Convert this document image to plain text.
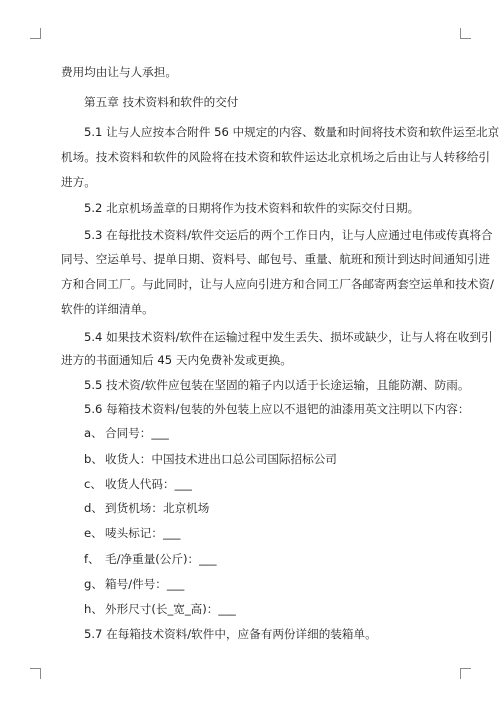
费用均由让与人承担。
第五章 技术资料和软件的交付
5.1 让与人应按本合附件 56 中规定的内容、数量和时间将技术资和软件运至北京
机场。技术资料和软件的风险将在技术资和软件运达北京机场之后由让与人转移给引
进方。
5.2 北京机场盖章的日期将作为技术资料和软件的实际交付日期。
5.3 在每批技术资料/软件交运后的两个工作日内，让与人应通过电伟或传真将合
同号、空运单号、提单日期、资料号、邮包号、重量、航班和预计到达时间通知引进
方和合同工厂。与此同时，让与人应向引进方和合同工厂各邮寄两套空运单和技术资/
软件的详细清单。
5.4 如果技术资料/软件在运输过程中发生丢失、损坏或缺少，让与人将在收到引
进方的书面通知后 45 天内免费补发或更换。
5.5 技术资/软件应包装在坚固的箱子内以适于长途运输，且能防潮、防雨。
5.6 每箱技术资料/包装的外包装上应以不退钯的油漆用英文注明以下内容：
a、 合同号：___
b、 收货人：中国技术进出口总公司国际招标公司
c、 收货人代码：___
d、 到货机场：北京机场
e、 唛头标记：___
f、 毛/净重量(公斤)：___
g、 箱号/件号：___
h、 外形尺寸(长_宽_高)：___
5.7 在每箱技术资料/软件中，应备有两份详细的装箱单。
